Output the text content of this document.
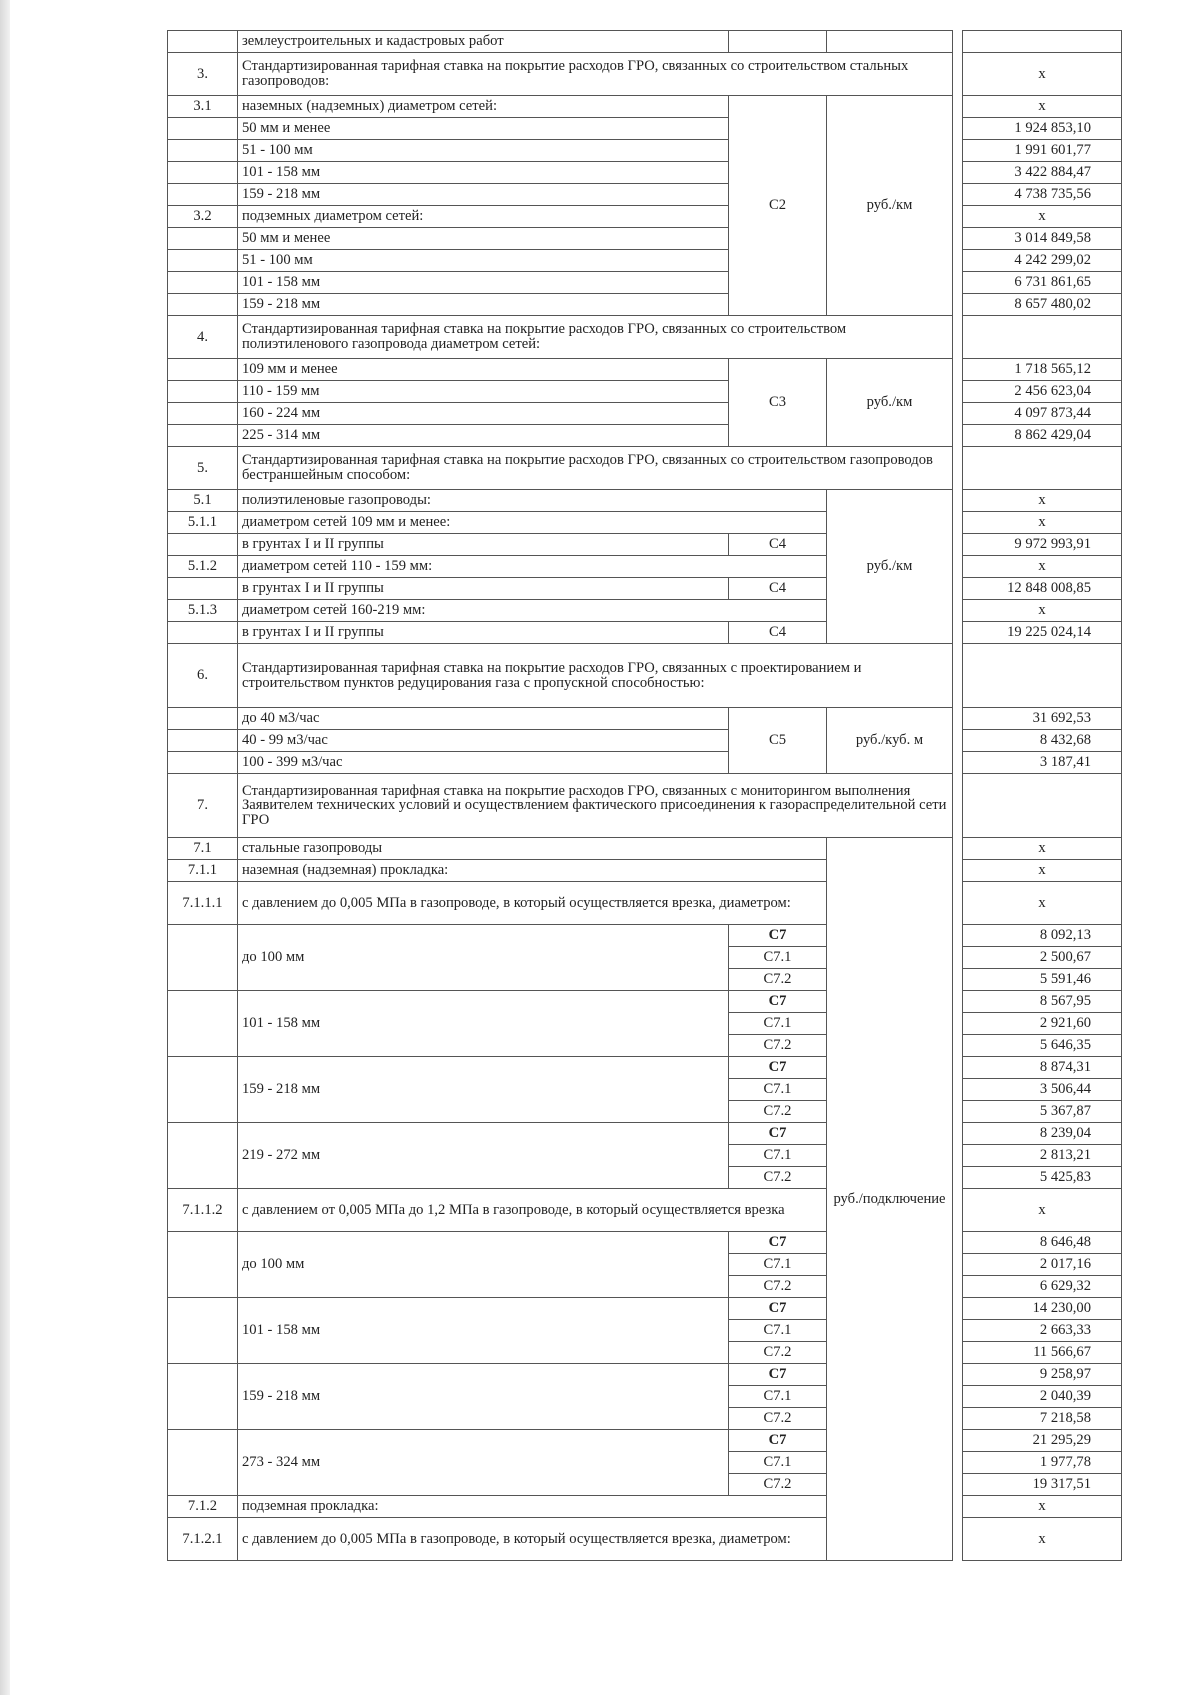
	землеустроительных и кадастровых работ				
3.	Стандартизированная тарифная ставка на покрытие расходов ГРО, связанных со строительством стальных газопроводов:				х
3.1	наземных (надземных) диаметром сетей:	С2	руб./км		х
	50 мм и менее				1 924 853,10
	51 - 100 мм				1 991 601,77
	101 - 158 мм				3 422 884,47
	159 - 218 мм				4 738 735,56
3.2	подземных диаметром сетей:				х
	50 мм и менее				3 014 849,58
	51 - 100 мм				4 242 299,02
	101 - 158 мм				6 731 861,65
	159 - 218 мм				8 657 480,02
4.	Стандартизированная тарифная ставка на покрытие расходов ГРО, связанных со строительством полиэтиленового газопровода диаметром сетей:				
	109 мм и менее	С3	руб./км		1 718 565,12
	110 - 159 мм				2 456 623,04
	160 - 224 мм				4 097 873,44
	225 - 314 мм				8 862 429,04
5.	Стандартизированная тарифная ставка на покрытие расходов ГРО, связанных со строительством газопроводов бестраншейным способом:				
5.1	полиэтиленовые газопроводы:		руб./км		х
5.1.1	диаметром сетей 109 мм и менее:				х
	в грунтах I и II группы	С4			9 972 993,91
5.1.2	диаметром сетей 110 - 159 мм:				х
	в грунтах I и II группы	С4			12 848 008,85
5.1.3	диаметром сетей 160-219 мм:				х
	в грунтах I и II группы	С4			19 225 024,14
6.	Стандартизированная тарифная ставка на покрытие расходов ГРО, связанных с проектированием и строительством пунктов редуцирования газа с пропускной способностью:				
	до 40 м3/час	С5	руб./куб. м		31 692,53
	40 - 99 м3/час				8 432,68
	100 - 399 м3/час				3 187,41
7.	Стандартизированная тарифная ставка на покрытие расходов ГРО, связанных с мониторингом выполнения Заявителем технических условий и осуществлением фактического присоединения к газораспределительной сети ГРО				
7.1	стальные газопроводы		руб./подключение		х
7.1.1	наземная (надземная) прокладка:				х
7.1.1.1	с давлением до 0,005 МПа в газопроводе, в который осуществляется врезка, диаметром:				х
	до 100 мм	С7			8 092,13
		С7.1			2 500,67
		С7.2			5 591,46
	101 - 158 мм	С7			8 567,95
		С7.1			2 921,60
		С7.2			5 646,35
	159 - 218 мм	С7			8 874,31
		С7.1			3 506,44
		С7.2			5 367,87
	219 - 272 мм	С7			8 239,04
		С7.1			2 813,21
		С7.2			5 425,83
7.1.1.2	с давлением от 0,005 МПа до 1,2 МПа в газопроводе, в который осуществляется врезка				х
	до 100 мм	С7			8 646,48
		С7.1			2 017,16
		С7.2			6 629,32
	101 - 158 мм	С7			14 230,00
		С7.1			2 663,33
		С7.2			11 566,67
	159 - 218 мм	С7			9 258,97
		С7.1			2 040,39
		С7.2			7 218,58
	273 - 324 мм	С7			21 295,29
		С7.1			1 977,78
		С7.2			19 317,51
7.1.2	подземная прокладка:				х
7.1.2.1	с давлением до 0,005 МПа в газопроводе, в который осуществляется врезка, диаметром:				х
